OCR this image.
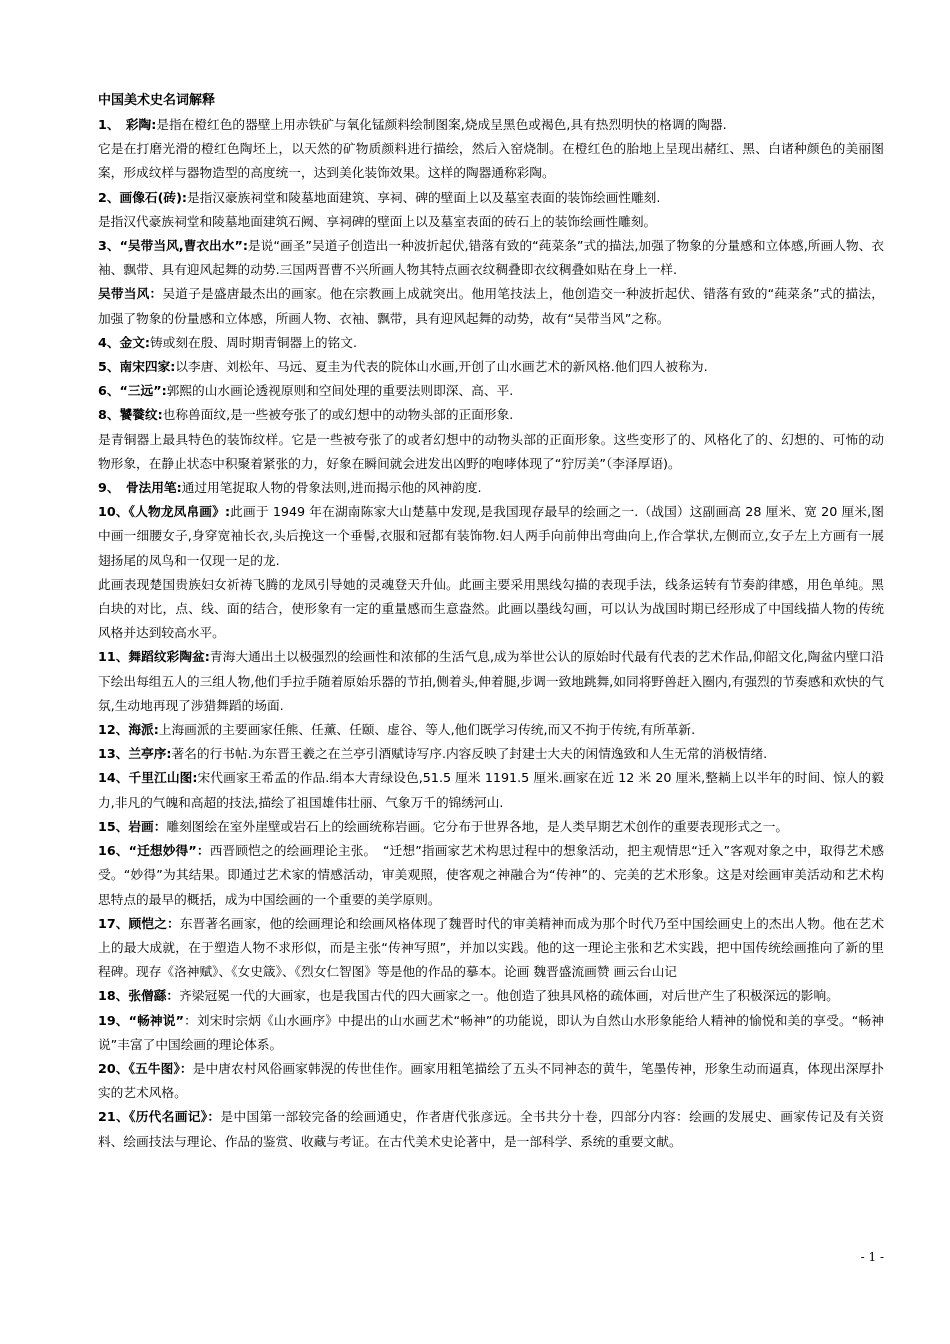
中国美术史名词解释

1、　彩陶:是指在橙红色的器壁上用赤铁矿与氧化锰颜料绘制图案,烧成呈黑色或褐色,具有热烈明快的格调的陶器.

它是在打磨光滑的橙红色陶坯上，以天然的矿物质颜料进行描绘，然后入窑烧制。在橙红色的胎地上呈现出赭红、黑、白诸种颜色的美丽图案，形成纹样与器物造型的高度统一，达到美化装饰效果。这样的陶器通称彩陶。

2、画像石(砖):是指汉豪族祠堂和陵墓地面建筑、享祠、碑的壁面上以及墓室表面的装饰绘画性雕刻.

是指汉代豪族祠堂和陵墓地面建筑石阙、享祠碑的壁面上以及墓室表面的砖石上的装饰绘画性雕刻。

3、“吴带当风,曹衣出水”:是说“画圣”吴道子创造出一种波折起伏,错落有致的“莼菜条”式的描法,加强了物象的分量感和立体感,所画人物、衣袖、飘带、具有迎风起舞的动势.三国两晋曹不兴所画人物其特点画衣纹稠叠即衣纹稠叠如贴在身上一样.

吴带当风：吴道子是盛唐最杰出的画家。他在宗教画上成就突出。他用笔技法上，他创造交一种波折起伏、错落有致的“莼菜条”式的描法，加强了物象的份量感和立体感，所画人物、衣袖、飘带，具有迎风起舞的动势，故有“吴带当风”之称。

4、金文:铸或刻在殷、周时期青铜器上的铭文.

5、南宋四家:以李唐、刘松年、马远、夏圭为代表的院体山水画,开创了山水画艺术的新风格.他们四人被称为.

6、“三远”:郭熙的山水画论透视原则和空间处理的重要法则即深、高、平.

8、饕餮纹:也称兽面纹,是一些被夸张了的或幻想中的动物头部的正面形象.

是青铜器上最具特色的装饰纹样。它是一些被夸张了的或者幻想中的动物头部的正面形象。这些变形了的、风格化了的、幻想的、可怖的动物形象，在静止状态中积聚着紧张的力，好象在瞬间就会进发出凶野的咆哮体现了“狞厉美”（李泽厚语)。

9、　骨法用笔:通过用笔捉取人物的骨象法则,进而揭示他的风神韵度.

10、《人物龙凤帛画》:此画于 1949 年在湖南陈家大山楚墓中发现,是我国现存最早的绘画之一.（战国）这副画高 28 厘米、宽 20 厘米,图中画一细腰女子,身穿宽袖长衣,头后挽这一个垂髻,衣服和冠都有装饰物.妇人两手向前伸出弯曲向上,作合掌状,左侧而立,女子左上方画有一展翅扬尾的凤鸟和一仅现一足的龙.

此画表现楚国贵族妇女祈祷飞腾的龙凤引导她的灵魂登天升仙。此画主要采用黑线勾描的表现手法，线条运转有节奏韵律感，用色单纯。黑白块的对比，点、线、面的结合，使形象有一定的重量感而生意盎然。此画以墨线勾画，可以认为战国时期已经形成了中国线描人物的传统风格并达到较高水平。

11、舞蹈纹彩陶盆:青海大通出土以极强烈的绘画性和浓郁的生活气息,成为举世公认的原始时代最有代表的艺术作品,仰韶文化,陶盆内壁口沿下绘出每组五人的三组人物,他们手拉手随着原始乐器的节拍,侧着头,伸着腿,步调一致地跳舞,如同将野兽赶入圈内,有强烈的节奏感和欢快的气氛,生动地再现了涉猎舞蹈的场面.

12、海派:上海画派的主要画家任熊、任薰、任颐、虚谷、等人,他们既学习传统,而又不拘于传统,有所革新.

13、兰亭序:著名的行书帖.为东晋王羲之在兰亭引酒赋诗写序.内容反映了封建士大夫的闲情逸致和人生无常的消极情绪.

14、千里江山图:宋代画家王希孟的作品.绢本大青绿设色,51.5 厘米 1191.5 厘米.画家在近 12 米 20 厘米,整耥上以半年的时间、惊人的毅力,非凡的气魄和高超的技法,描绘了祖国雄伟壮丽、气象万千的锦绣河山.

15、岩画：雕刻图绘在室外崖壁或岩石上的绘画统称岩画。它分布于世界各地，是人类早期艺术创作的重要表现形式之一。

16、“迁想妙得”：西晋顾恺之的绘画理论主张。　“迁想”指画家艺术构思过程中的想象活动，把主观情思“迁入”客观对象之中，取得艺术感受。“妙得”为其结果。即通过艺术家的情感活动，审美观照，使客观之神融合为“传神”的、完美的艺术形象。这是对绘画审美活动和艺术构思特点的最早的概括，成为中国绘画的一个重要的美学原则。

17、顾恺之：东晋著名画家，他的绘画理论和绘画风格体现了魏晋时代的审美精神而成为那个时代乃至中国绘画史上的杰出人物。他在艺术上的最大成就，在于塑造人物不求形似，而是主张“传神写照”，并加以实践。他的这一理论主张和艺术实践，把中国传统绘画推向了新的里程碑。现存《洛神赋》、《女史箴》、《烈女仁智图》等是他的作品的摹本。论画 魏晋盛流画赞 画云台山记

18、张僧繇：齐梁冠冕一代的大画家，也是我国古代的四大画家之一。他创造了独具风格的疏体画，对后世产生了积极深远的影响。

19、“畅神说”：刘宋时宗炳《山水画序》中提出的山水画艺术“畅神”的功能说，即认为自然山水形象能给人精神的愉悦和美的享受。“畅神说”丰富了中国绘画的理论体系。

20、《五牛图》：是中唐农村风俗画家韩滉的传世佳作。画家用粗笔描绘了五头不同神态的黄牛，笔墨传神，形象生动而逼真，体现出深厚扑实的艺术风格。

21、《历代名画记》：是中国第一部较完备的绘画通史，作者唐代张彦远。全书共分十卷，四部分内容：绘画的发展史、画家传记及有关资料、绘画技法与理论、作品的鉴赏、收藏与考证。在古代美术史论著中，是一部科学、系统的重要文献。

- 1 -
